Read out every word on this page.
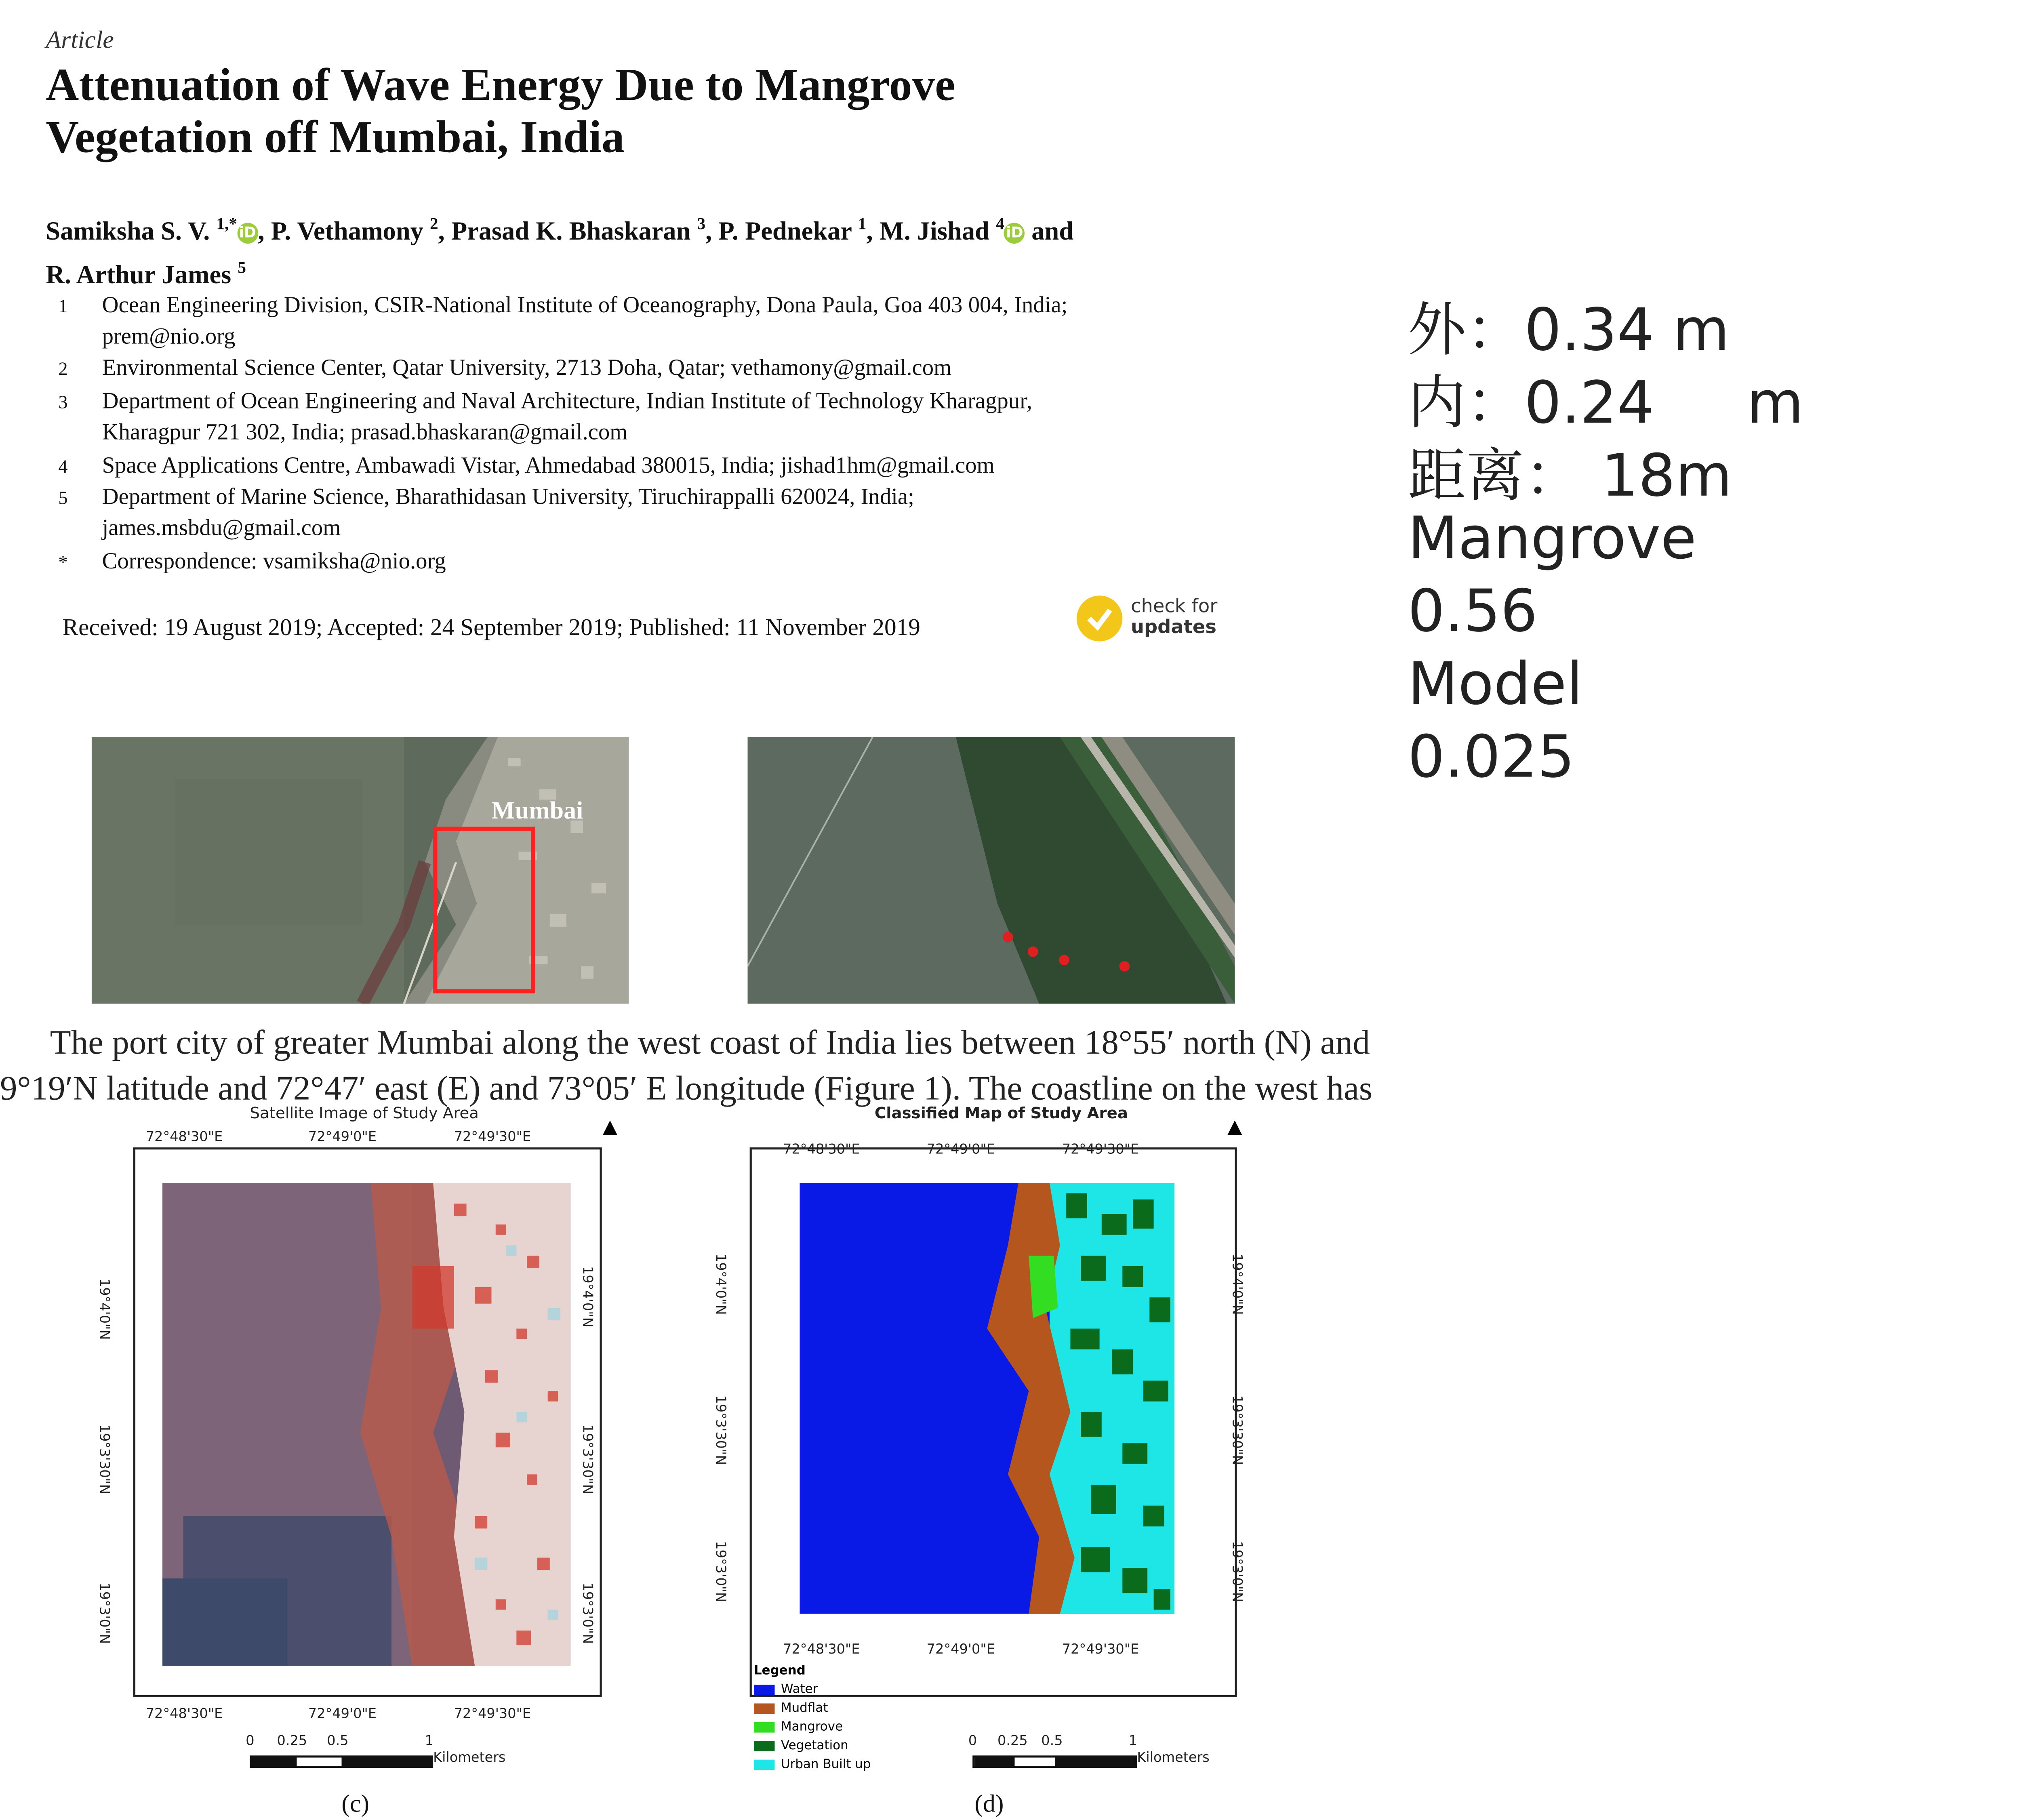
Article
Attenuation of Wave Energy Due to Mangrove
Vegetation off Mumbai, India
Samiksha S. V. $^{1,*}$iD , P. Vethamony $^2$, Prasad K. Bhaskaran $^3$, P. Pednekar $^1$, M. Jishad $^4$iD and
R. Arthur James $^5$
1	Ocean Engineering Division, CSIR-National Institute of Oceanography, Dona Paula, Goa 403 004, India;
prem@nio.org
2	Environmental Science Center, Qatar University, 2713 Doha, Qatar; vethamony@gmail.com
3	Department of Ocean Engineering and Naval Architecture, Indian Institute of Technology Kharagpur,
Kharagpur 721 302, India; prasad.bhaskaran@gmail.com
4	Space Applications Centre, Ambawadi Vistar, Ahmedabad 380015, India; jishad1hm@gmail.com
5	Department of Marine Science, Bharathidasan University, Tiruchirappalli 620024, India;
james.msbdu@gmail.com
*	Correspondence: vsamiksha@nio.org
Received: 19 August 2019; Accepted: 24 September 2019; Published: 11 November 2019
check for
updates
Mumbai
The port city of greater Mumbai along the west coast of India lies between 18°55′ north (N) and
9°19′N latitude and 72°47′ east (E) and 73°05′ E longitude (Figure 1). The coastline on the west has
Satellite Image of Study Area	▲
72°48'30"E	72°49'0"E	72°49'30"E
19°4'0"N
19°3'30"N
19°3'0"N
19°4'0"N
19°3'30"N
19°3'0"N
72°48'30"E	72°49'0"E	72°49'30"E
0	0.25	0.5	1
Kilometers
(c)
Classified Map of Study Area	▲
72°48'30"E	72°49'0"E	72°49'30"E
19°4'0"N
19°3'30"N
19°3'0"N
19°4'0"N
19°3'30"N
19°3'0"N
72°48'30"E	72°49'0"E	72°49'30"E
Legend
Water
Mudflat
Mangrove
Vegetation
Urban Built up
0	0.25	0.5	1
Kilometers
(d)
外：0.34 m
内：0.24     m
距离： 18m
Mangrove
0.56
Model
0.025
